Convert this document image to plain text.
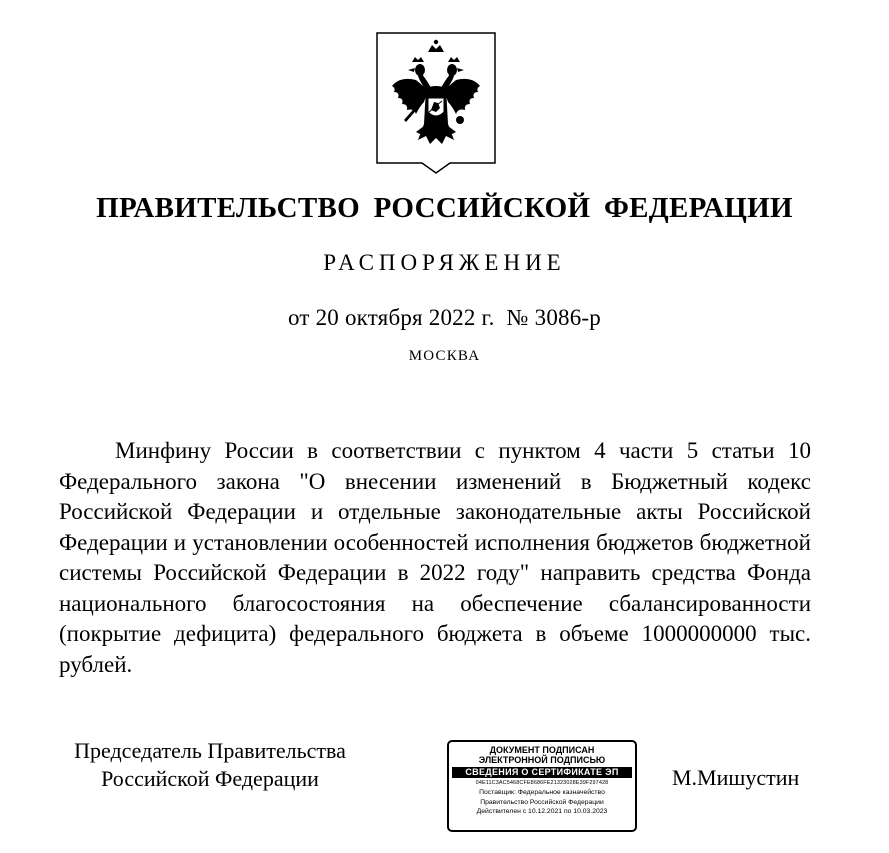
ПРАВИТЕЛЬСТВО РОССИЙСКОЙ ФЕДЕРАЦИИ
РАСПОРЯЖЕНИЕ
от 20 октября 2022 г. № 3086-р
МОСКВА

Минфину России в соответствии с пунктом 4 части 5 статьи 10 Федерального закона "О внесении изменений в Бюджетный кодекс Российской Федерации и отдельные законодательные акты Российской Федерации и установлении особенностей исполнения бюджетов бюджетной системы Российской Федерации в 2022 году" направить средства Фонда национального благосостояния на обеспечение сбалансированности (покрытие дефицита) федерального бюджета в объеме 1000000000 тыс. рублей.

Председатель Правительства
Российской Федерации
ДОКУМЕНТ ПОДПИСАН
ЭЛЕКТРОННОЙ ПОДПИСЬЮ
СВЕДЕНИЯ О СЕРТИФИКАТЕ ЭП
04E11C3AC5468CFE8686FE21323028E39F297428
Поставщик: Федеральное казначейство
Правительство Российской Федерации
Действителен с 10.12.2021 по 10.03.2023
М.Мишустин
